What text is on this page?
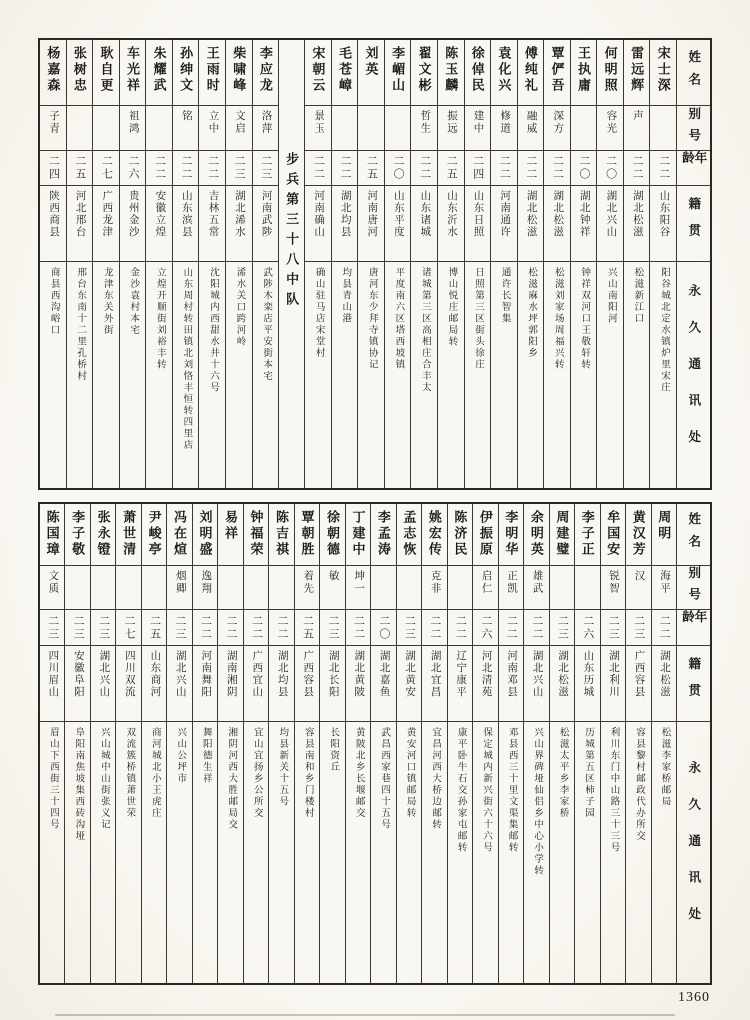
姓名
别号
年龄
籍贯
永久通讯处
宋士深
二二
山东阳谷
阳谷城北定水镇炉里宋庄
雷远辉
声
二二
湖北松滋
松滋新江口
何明照
容光
二〇
湖北兴山
兴山南阳河
王执庸
二〇
湖北钟祥
钟祥双河口王敬轩转
覃俨吾
深方
二二
湖北松滋
松滋刘家场周福兴转
傅纯礼
融威
二二
湖北松滋
松滋麻水坪郭阳乡
袁化兴
修道
二二
河南通许
通许长智集
徐倬民
建中
二四
山东日照
日照第三区街头徐庄
陈玉麟
振远
二五
山东沂水
博山悦庄邮局转
翟文彬
哲生
二二
山东诸城
诸城第三区高相庄合丰太
李嵋山
二〇
山东平度
平度南六区塔西坡镇
刘英
二五
河南唐河
唐河东少拜寺镇协记
毛苍嶂
二二
湖北均县
均县青山港
宋朝云
景玉
二二
河南确山
确山驻马店宋堂村
步兵第三十八中队
李应龙
洛萍
二三
河南武陟
武陟木栾店平安街本宅
柴啸峰
文启
二三
湖北浠水
浠水关口跨河岭
王雨时
立中
二二
吉林五常
沈阳城内西甜水井十六号
孙绅文
铭
二二
山东滨县
山东周村转田镇北刘恪丰恒转四里店
朱耀武
二二
安徽立煌
立煌开顺街刘裕丰转
车光祥
祖鸿
二六
贵州金沙
金沙袁村本宅
耿自更
二七
广西龙津
龙津东关外街
张树忠
二五
河北邢台
邢台东南十二里孔桥村
杨嘉森
子青
二四
陕西商县
商县西沟峪口
姓名
别号
年龄
籍贯
永久通讯处
周明
海平
二二
湖北松滋
松滋李家桥邮局
黄汉芳
汉
二三
广西容县
容县黎村邮政代办所交
牟国安
锐智
二三
湖北利川
利川东门中山路三十三号
李子正
二六
山东历城
历城第五区柿子园
周建璧
二三
湖北松滋
松滋太平乡李家桥
余明英
雄武
二二
湖北兴山
兴山界碑垭仙侣乡中心小学转
李明华
正凯
二二
河南邓县
邓县西三十里文渠集邮转
伊振原
启仁
二六
河北清苑
保定城内新兴街六十六号
陈济民
二二
辽宁康平
康平卧牛石交孙家屯邮转
姚宏传
克非
二二
湖北宜昌
宜昌河西大桥边邮转
孟志恢
二三
湖北黄安
黄安河口镇邮局转
李孟涛
二〇
湖北嘉鱼
武昌西家巷四十五号
丁建中
坤一
二二
湖北黄陂
黄陂北乡长堰邮交
徐朝德
敏
二三
湖北长阳
长阳资丘
覃朝胜
着先
二五
广西容县
容县南和乡门楼村
陈吉祺
二二
湖北均县
均县新关十五号
钟福荣
二二
广西宜山
宜山宜扬乡公所交
易祥
二二
湖南湘阴
湘阴河西大胜邮局交
刘明盛
逸翔
二二
河南舞阳
舞阳德生祥
冯在煊
烟卿
二三
湖北兴山
兴山公坪市
尹峻亭
二五
山东商河
商河城北小王虎庄
萧世清
二七
四川双流
双流簇桥镇萧世荣
张永镫
二三
湖北兴山
兴山城中山街张义记
李子敬
二三
安徽阜阳
阜阳南焦坡集西砖沟垭
陈国璋
文质
二三
四川眉山
眉山下西街三十四号
1360
